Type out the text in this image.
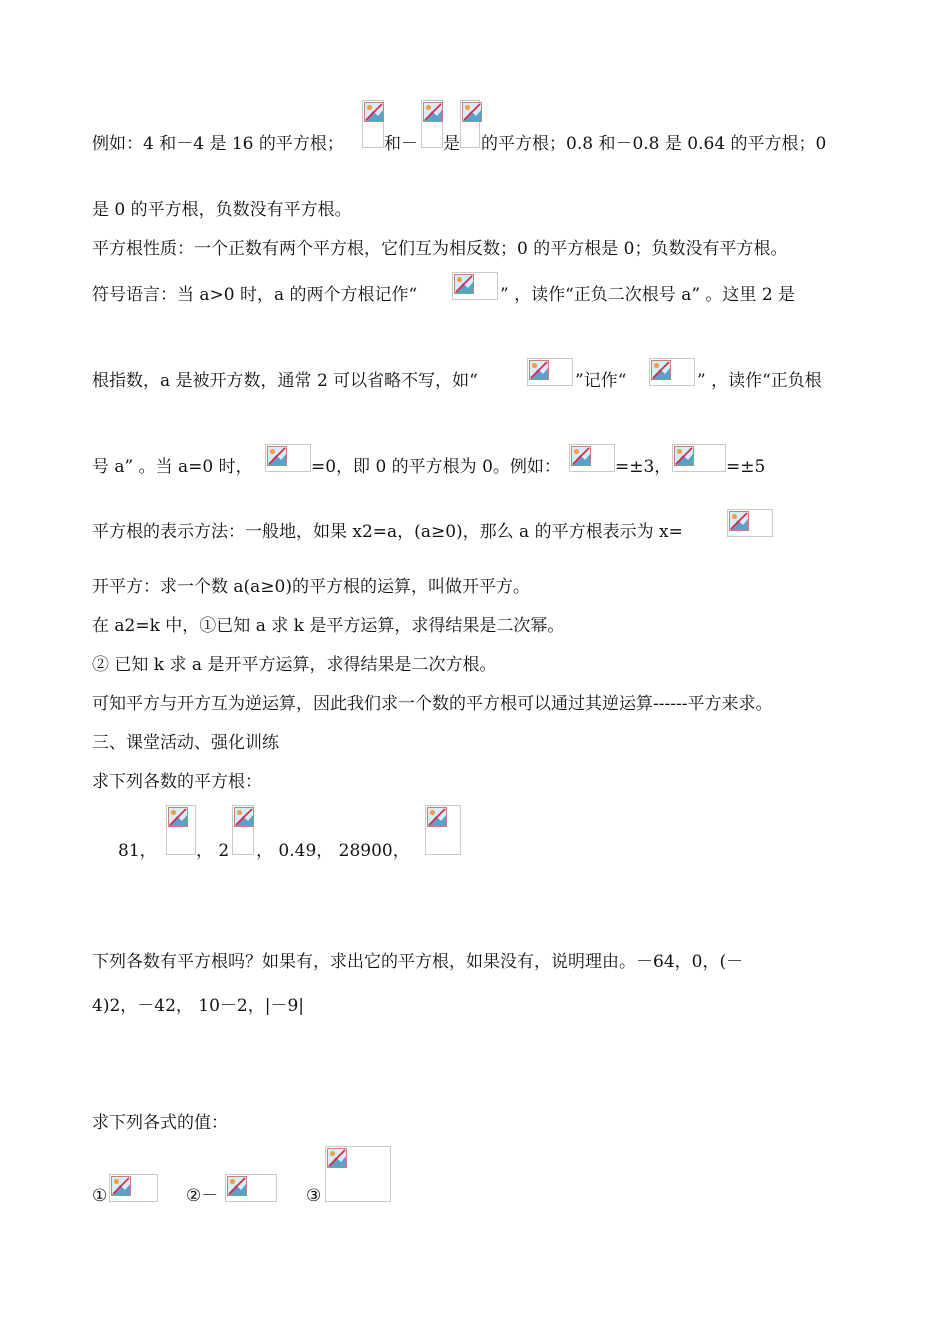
例如：4 和－4 是 16 的平方根； 和－ 是 的平方根；0.8 和－0.8 是 0.64 的平方根；0
是 0 的平方根，负数没有平方根。
平方根性质：一个正数有两个平方根，它们互为相反数；0 的平方根是 0；负数没有平方根。
符号语言：当 a>0 时，a 的两个方根记作“	” ，读作“正负二次根号 a” 。这里 2 是
根指数，a 是被开方数，通常 2 可以省略不写，如“	”记作“	” ，读作“正负根
号 a” 。当 a=0 时，	=0，即 0 的平方根为 0。例如：	=±3，	=±5
平方根的表示方法：一般地，如果 x2=a，(a≥0)，那么 a 的平方根表示为 x=
开平方：求一个数 a(a≥0)的平方根的运算，叫做开平方。
在 a2=k 中，①已知 a 求 k 是平方运算，求得结果是二次幂。
② 已知 k 求 a 是开平方运算，求得结果是二次方根。
可知平方与开方互为逆运算，因此我们求一个数的平方根可以通过其逆运算------平方来求。
三、课堂活动、强化训练
求下列各数的平方根：
81， ， 2 ， 0.49， 28900，
下列各数有平方根吗？如果有，求出它的平方根，如果没有，说明理由。－64，0，(－
4)2，－42， 10－2，|－9|
求下列各式的值：
①	②－	③
